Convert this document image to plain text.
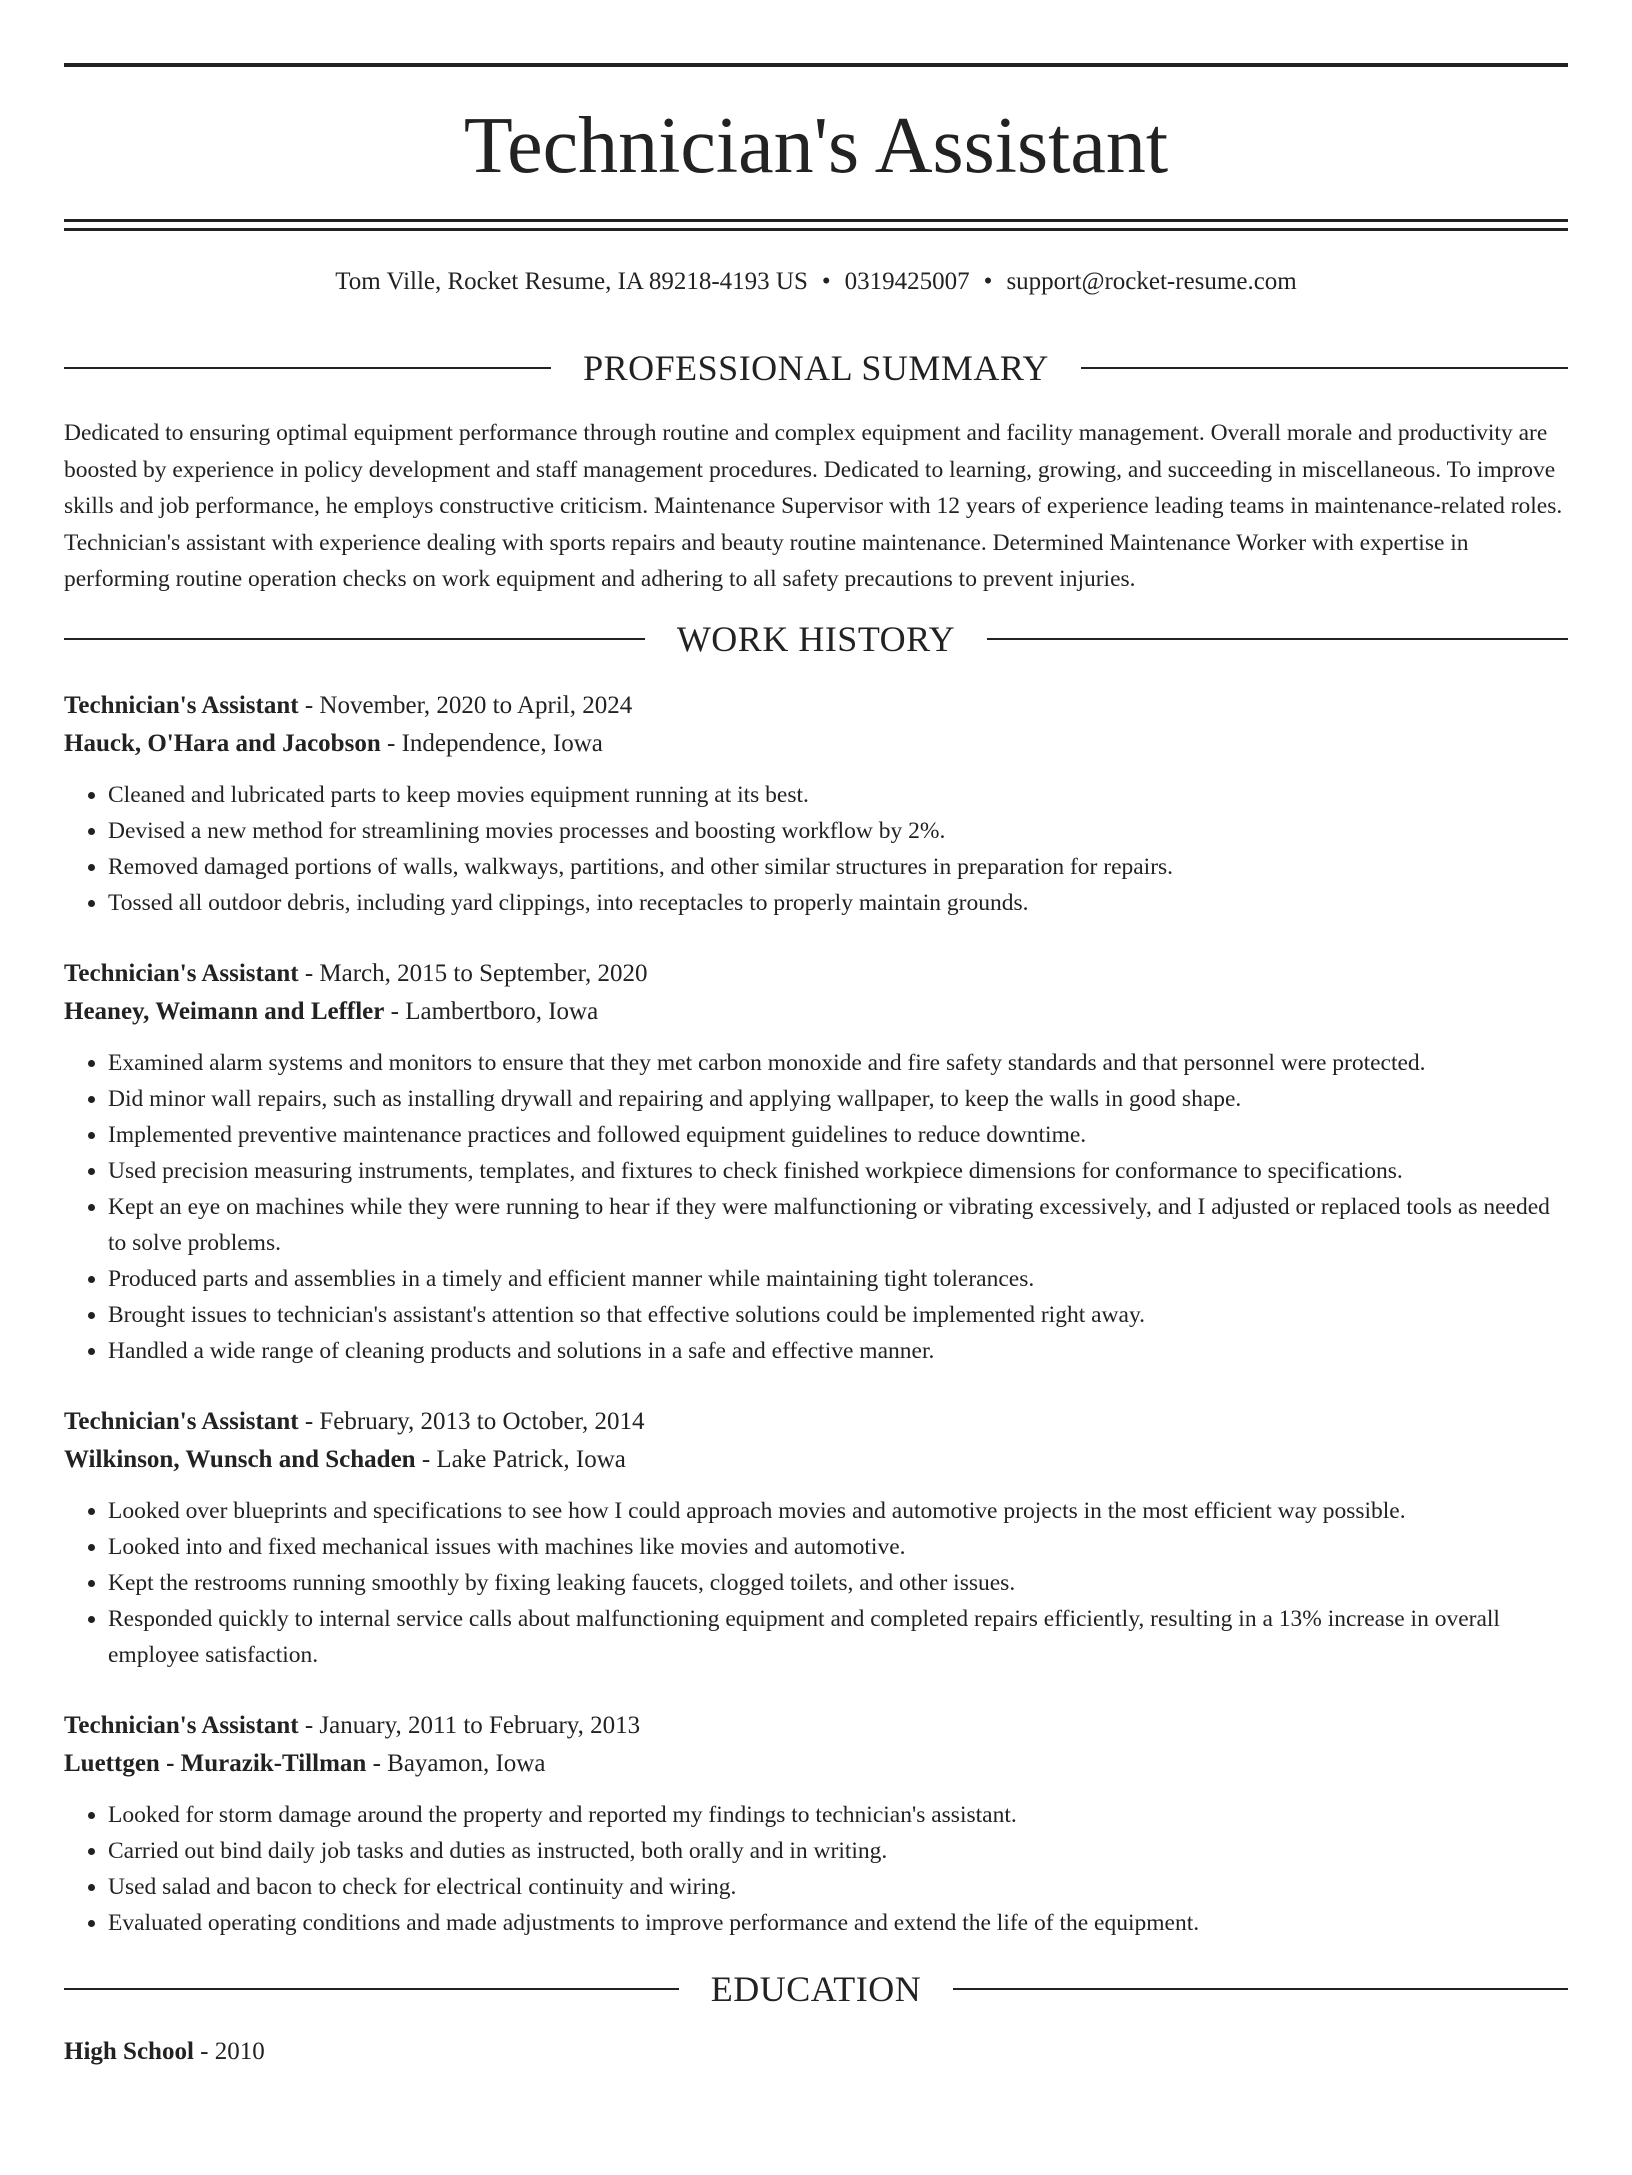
Technician's Assistant
Tom Ville, Rocket Resume, IA 89218-4193 US • 0319425007 • support@rocket-resume.com
PROFESSIONAL SUMMARY

Dedicated to ensuring optimal equipment performance through routine and complex equipment and facility management. Overall morale and productivity are boosted by experience in policy development and staff management procedures. Dedicated to learning, growing, and succeeding in miscellaneous. To improve skills and job performance, he employs constructive criticism. Maintenance Supervisor with 12 years of experience leading teams in maintenance-related roles. Technician's assistant with experience dealing with sports repairs and beauty routine maintenance. Determined Maintenance Worker with expertise in performing routine operation checks on work equipment and adhering to all safety precautions to prevent injuries.

WORK HISTORY
Technician's Assistant - November, 2020 to April, 2024
Hauck, O'Hara and Jacobson - Independence, Iowa
• Cleaned and lubricated parts to keep movies equipment running at its best.
• Devised a new method for streamlining movies processes and boosting workflow by 2%.
• Removed damaged portions of walls, walkways, partitions, and other similar structures in preparation for repairs.
• Tossed all outdoor debris, including yard clippings, into receptacles to properly maintain grounds.
Technician's Assistant - March, 2015 to September, 2020
Heaney, Weimann and Leffler - Lambertboro, Iowa
• Examined alarm systems and monitors to ensure that they met carbon monoxide and fire safety standards and that personnel were protected.
• Did minor wall repairs, such as installing drywall and repairing and applying wallpaper, to keep the walls in good shape.
• Implemented preventive maintenance practices and followed equipment guidelines to reduce downtime.
• Used precision measuring instruments, templates, and fixtures to check finished workpiece dimensions for conformance to specifications.
• Kept an eye on machines while they were running to hear if they were malfunctioning or vibrating excessively, and I adjusted or replaced tools as needed to solve problems.
• Produced parts and assemblies in a timely and efficient manner while maintaining tight tolerances.
• Brought issues to technician's assistant's attention so that effective solutions could be implemented right away.
• Handled a wide range of cleaning products and solutions in a safe and effective manner.
Technician's Assistant - February, 2013 to October, 2014
Wilkinson, Wunsch and Schaden - Lake Patrick, Iowa
• Looked over blueprints and specifications to see how I could approach movies and automotive projects in the most efficient way possible.
• Looked into and fixed mechanical issues with machines like movies and automotive.
• Kept the restrooms running smoothly by fixing leaking faucets, clogged toilets, and other issues.
• Responded quickly to internal service calls about malfunctioning equipment and completed repairs efficiently, resulting in a 13% increase in overall employee satisfaction.
Technician's Assistant - January, 2011 to February, 2013
Luettgen - Murazik-Tillman - Bayamon, Iowa
• Looked for storm damage around the property and reported my findings to technician's assistant.
• Carried out bind daily job tasks and duties as instructed, both orally and in writing.
• Used salad and bacon to check for electrical continuity and wiring.
• Evaluated operating conditions and made adjustments to improve performance and extend the life of the equipment.
EDUCATION
High School - 2010
